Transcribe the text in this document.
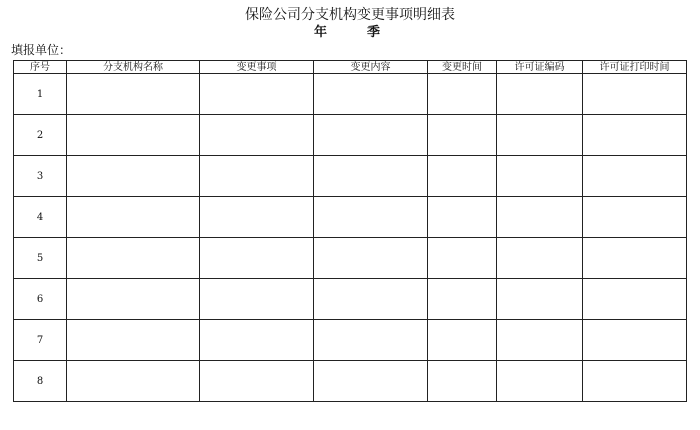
保险公司分支机构变更事项明细表
年	季
填报单位：
序号	分支机构名称	变更事项	变更内容	变更时间	许可证编码	许可证打印时间
1						
2						
3						
4						
5						
6						
7						
8						
